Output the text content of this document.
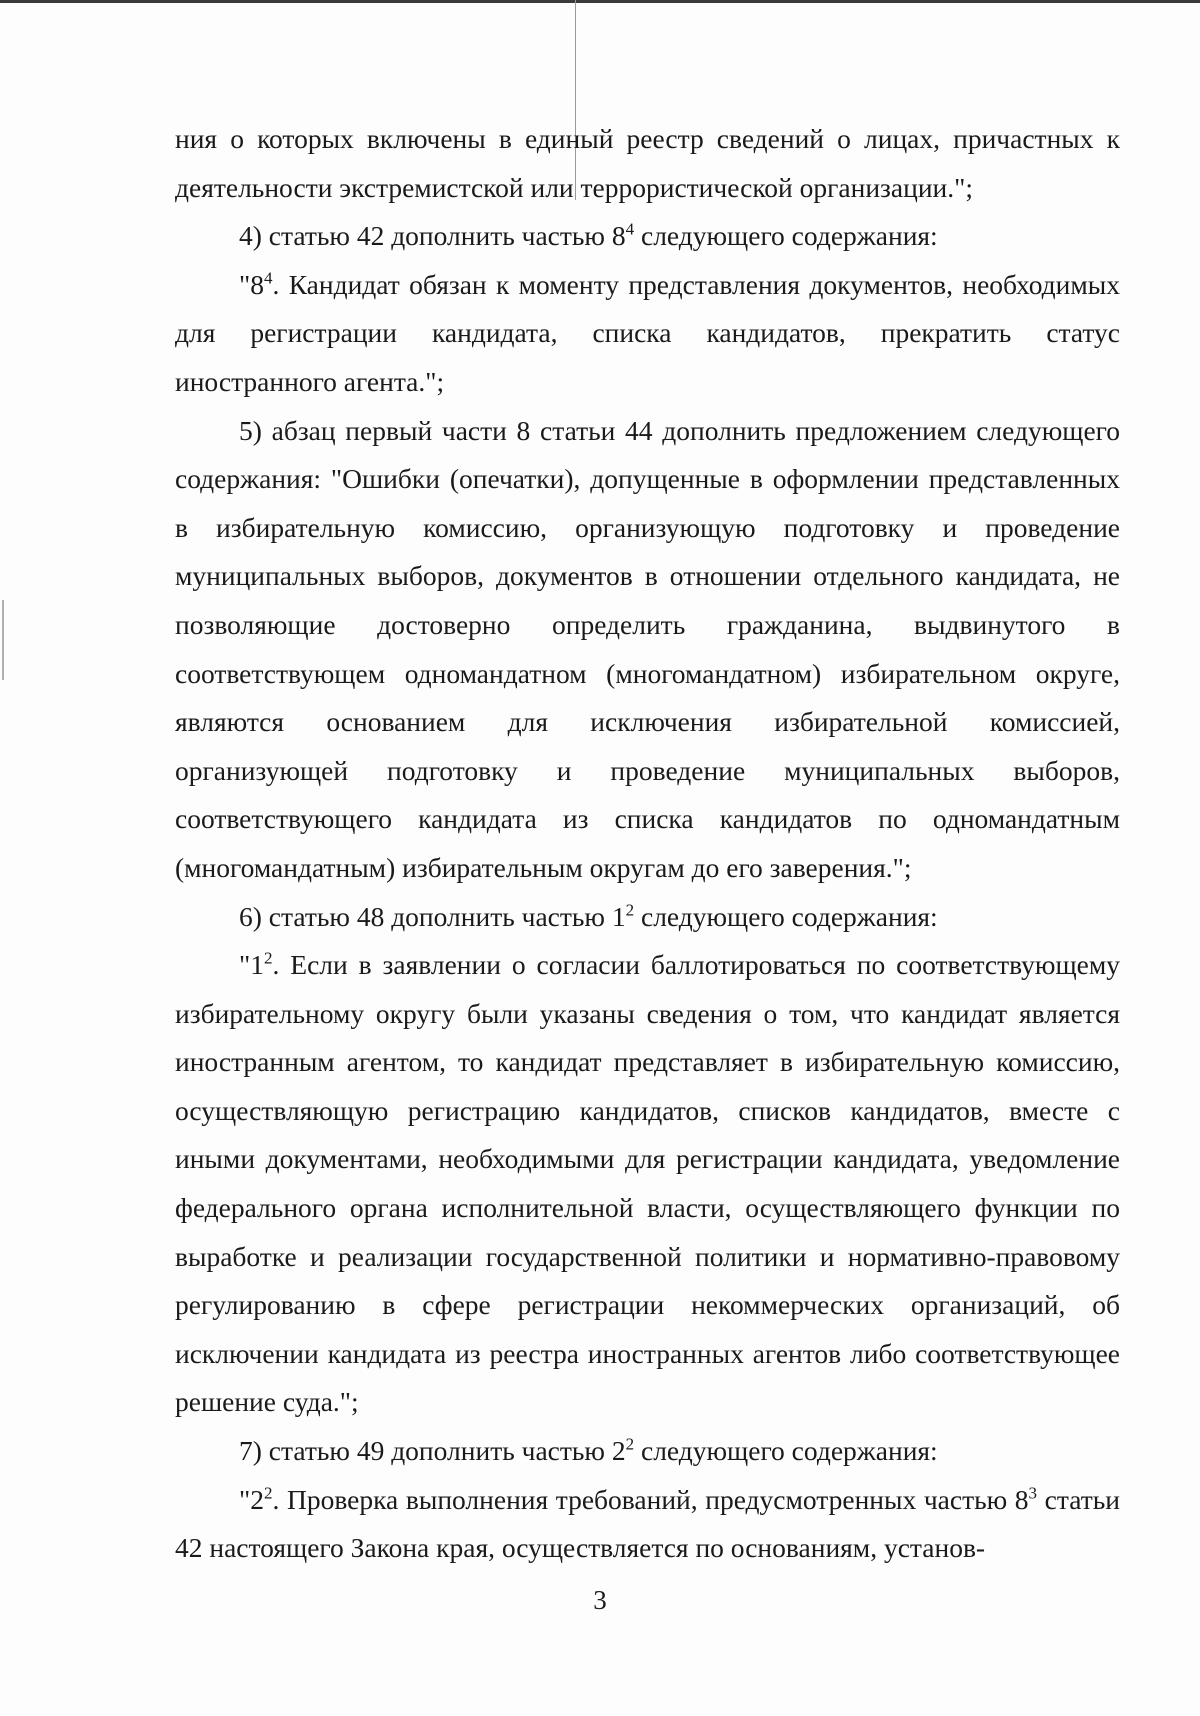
ния о которых включены в единый реестр сведений о лицах, причастных к деятельности экстремистской или террористической организации.";

4) статью 42 дополнить частью $8^4$ следующего содержания:

"$8^4$. Кандидат обязан к моменту представления документов, необходимых для регистрации кандидата, списка кандидатов, прекратить статус иностранного агента.";

5) абзац первый части 8 статьи 44 дополнить предложением следующего содержания: "Ошибки (опечатки), допущенные в оформлении представленных в избирательную комиссию, организующую подготовку и проведение муниципальных выборов, документов в отношении отдельного кандидата, не позволяющие достоверно определить гражданина, выдвинутого в соответствующем одномандатном (многомандатном) избирательном округе, являются основанием для исключения избирательной комиссией, организующей подготовку и проведение муниципальных выборов, соответствующего кандидата из списка кандидатов по одномандатным (многомандатным) избирательным округам до его заверения.";

6) статью 48 дополнить частью $1^2$ следующего содержания:

"$1^2$. Если в заявлении о согласии баллотироваться по соответствующему избирательному округу были указаны сведения о том, что кандидат является иностранным агентом, то кандидат представляет в избирательную комиссию, осуществляющую регистрацию кандидатов, списков кандидатов, вместе с иными документами, необходимыми для регистрации кандидата, уведомление федерального органа исполнительной власти, осуществляющего функции по выработке и реализации государственной политики и нормативно-правовому регулированию в сфере регистрации некоммерческих организаций, об исключении кандидата из реестра иностранных агентов либо соответствующее решение суда.";

7) статью 49 дополнить частью $2^2$ следующего содержания:

"$2^2$. Проверка выполнения требований, предусмотренных частью $8^3$ статьи 42 настоящего Закона края, осуществляется по основаниям, установ-

3
